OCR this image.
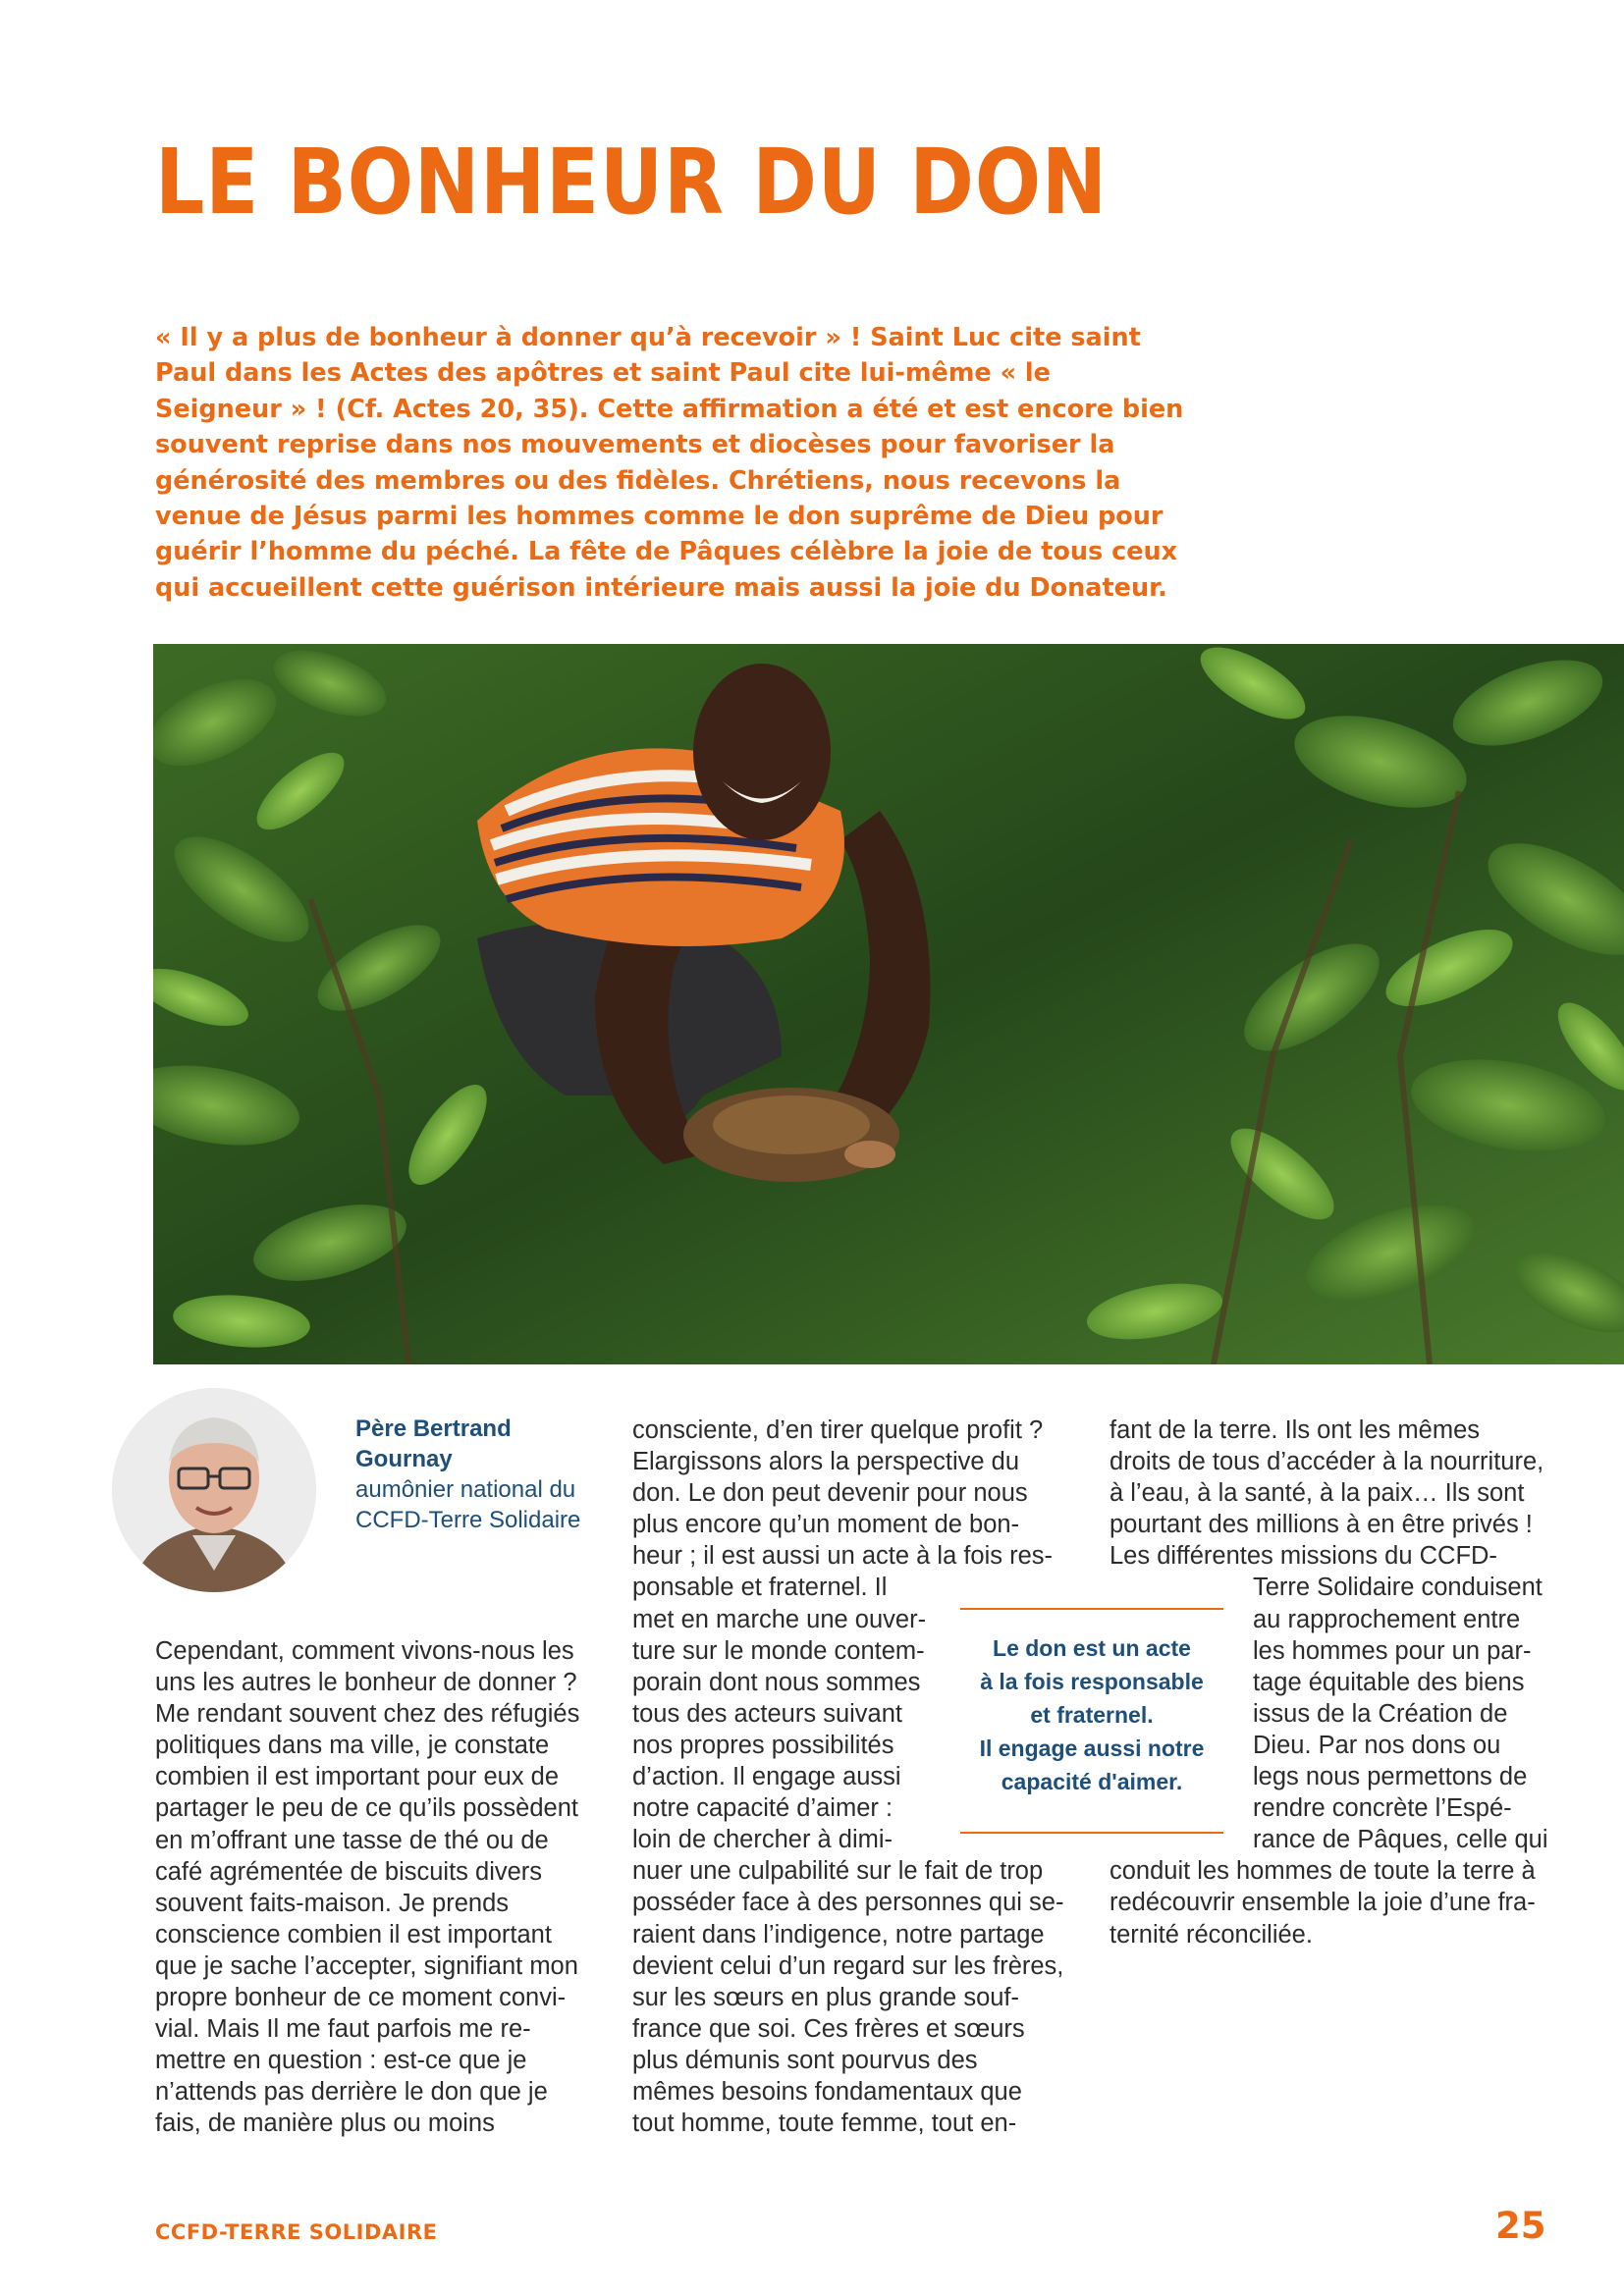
LE BONHEUR DU DON

« Il y a plus de bonheur à donner qu’à recevoir » ! Saint Luc cite saint
Paul dans les Actes des apôtres et saint Paul cite lui-même « le
Seigneur » ! (Cf. Actes 20, 35). Cette affirmation a été et est encore bien
souvent reprise dans nos mouvements et diocèses pour favoriser la
générosité des membres ou des fidèles. Chrétiens, nous recevons la
venue de Jésus parmi les hommes comme le don suprême de Dieu pour
guérir l’homme du péché. La fête de Pâques célèbre la joie de tous ceux
qui accueillent cette guérison intérieure mais aussi la joie du Donateur.

Père Bertrand
Gournay

aumônier national du
CCFD-Terre Solidaire

Cependant, comment vivons-nous les
uns les autres le bonheur de donner ?
Me rendant souvent chez des réfugiés
politiques dans ma ville, je constate
combien il est important pour eux de
partager le peu de ce qu’ils possèdent
en m’offrant une tasse de thé ou de
café agrémentée de biscuits divers
souvent faits-maison. Je prends
conscience combien il est important
que je sache l’accepter, signifiant mon
propre bonheur de ce moment convi-
vial. Mais Il me faut parfois me re-
mettre en question : est-ce que je
n’attends pas derrière le don que je
fais, de manière plus ou moins
consciente, d’en tirer quelque profit ?
Elargissons alors la perspective du
don. Le don peut devenir pour nous
plus encore qu’un moment de bon-
heur ; il est aussi un acte à la fois res-
ponsable et fraternel. Il
met en marche une ouver-
ture sur le monde contem-
porain dont nous sommes
tous des acteurs suivant
nos propres possibilités
d’action. Il engage aussi
notre capacité d’aimer :
loin de chercher à dimi-
nuer une culpabilité sur le fait de trop
posséder face à des personnes qui se-
raient dans l’indigence, notre partage
devient celui d’un regard sur les frères,
sur les sœurs en plus grande souf-
france que soi. Ces frères et sœurs
plus démunis sont pourvus des
mêmes besoins fondamentaux que
tout homme, toute femme, tout en-
fant de la terre. Ils ont les mêmes
droits de tous d’accéder à la nourriture,
à l’eau, à la santé, à la paix… Ils sont
pourtant des millions à en être privés !
Les différentes missions du CCFD-
Terre Solidaire conduisent
au rapprochement entre
les hommes pour un par-
tage équitable des biens
issus de la Création de
Dieu. Par nos dons ou
legs nous permettons de
rendre concrète l’Espé-
rance de Pâques, celle qui
conduit les hommes de toute la terre à
redécouvrir ensemble la joie d’une fra-
ternité réconciliée.

Le don est un acte
à la fois responsable
et fraternel.
Il engage aussi notre
capacité d'aimer.

CCFD-TERRE SOLIDAIRE	25
